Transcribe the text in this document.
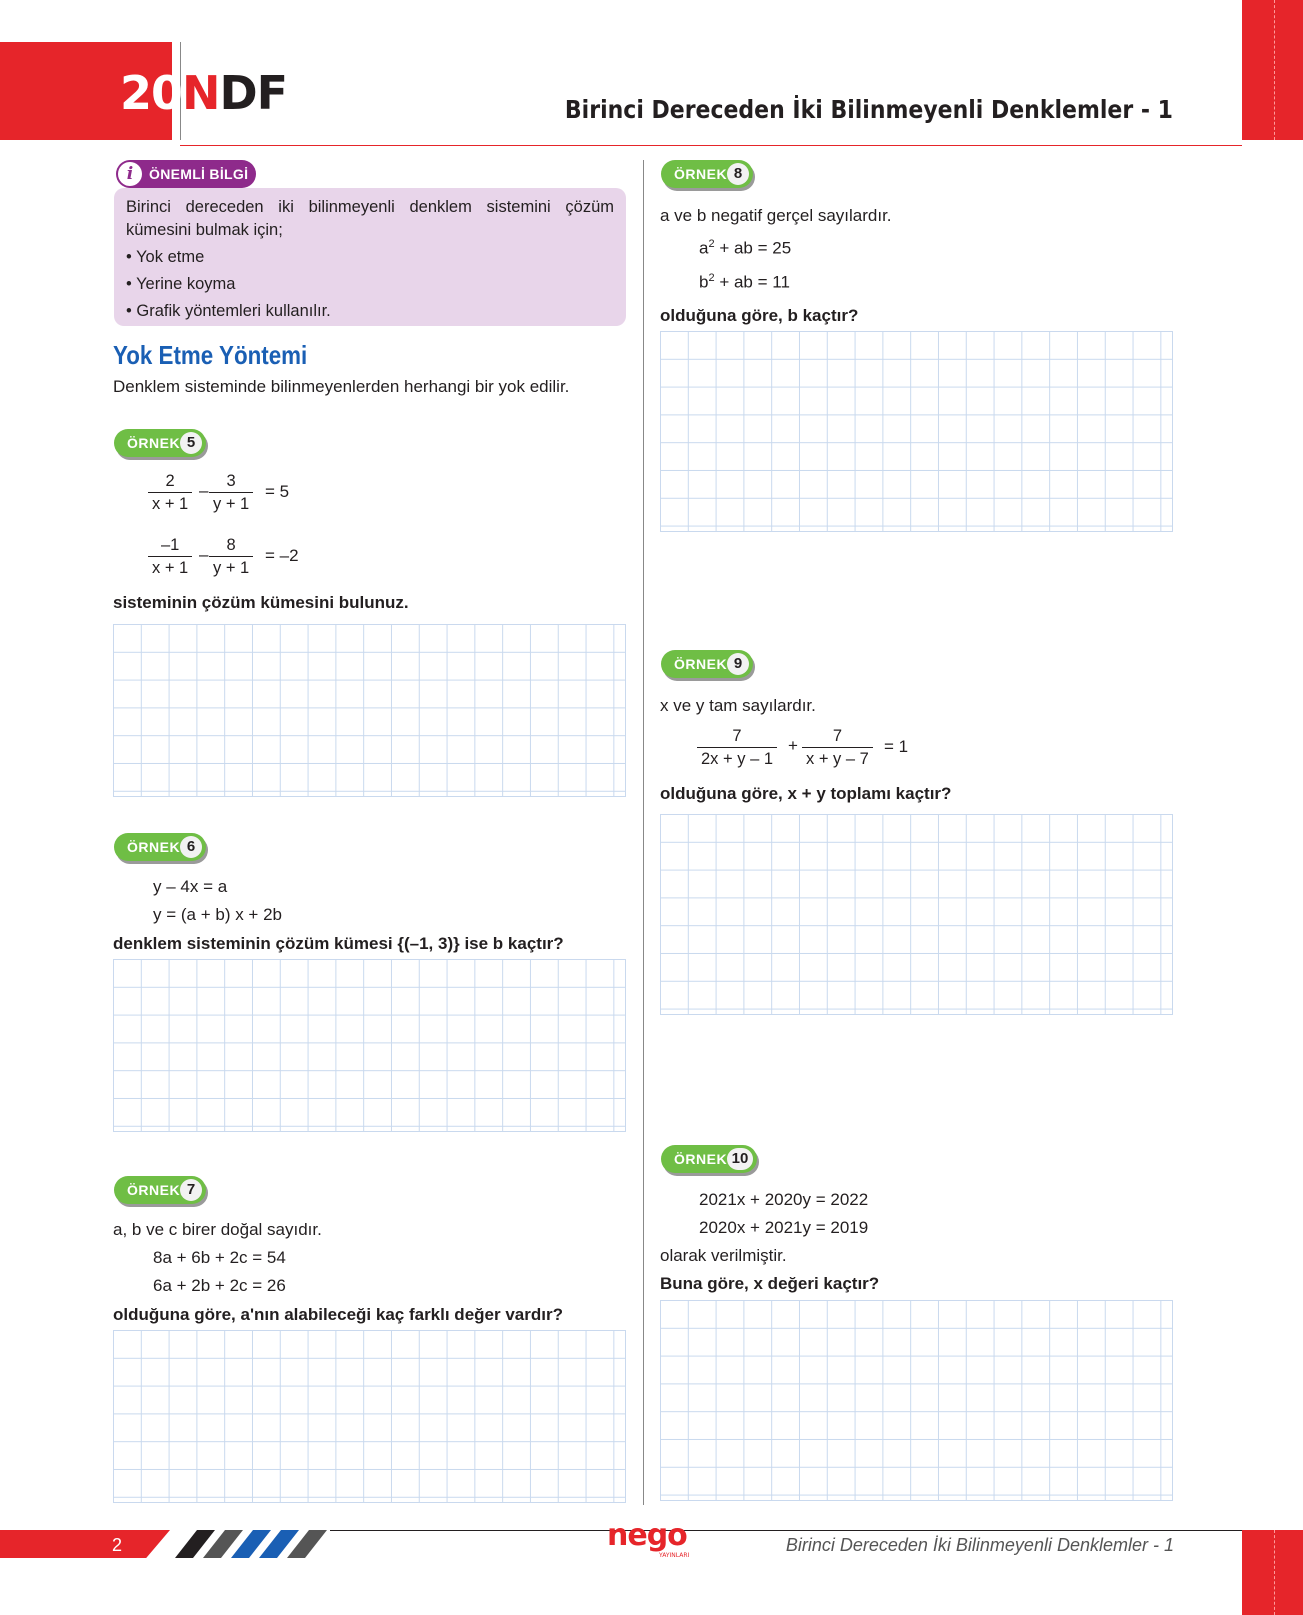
20 NDF	Birinci Dereceden İki Bilinmeyenli Denklemler - 1
i	ÖNEMLİ BİLGİ
Birinci dereceden iki bilinmeyenli denklem sistemini çözüm kümesini bulmak için;
• Yok etme
• Yerine koyma
• Grafik yöntemleri kullanılır.
Yok Etme Yöntemi
Denklem sisteminde bilinmeyenlerden herhangi bir yok edilir.
ÖRNEK 5
$\frac{2}{x + 1} - \frac{3}{y + 1} = 5$
$\frac{-1}{x + 1} - \frac{8}{y + 1} = -2$
sisteminin çözüm kümesini bulunuz.
ÖRNEK 6
y – 4x = a
y = (a + b) x + 2b
denklem sisteminin çözüm kümesi {(–1, 3)} ise b kaçtır?
ÖRNEK 7
a, b ve c birer doğal sayıdır.
8a + 6b + 2c = 54
6a + 2b + 2c = 26
olduğuna göre, a'nın alabileceği kaç farklı değer vardır?
ÖRNEK 8
a ve b negatif gerçel sayılardır.
$a^2$ + ab = 25
$b^2$ + ab = 11
olduğuna göre, b kaçtır?
ÖRNEK 9
x ve y tam sayılardır.
$\frac{7}{2x + y - 1} + \frac{7}{x + y - 7} = 1$
olduğuna göre, x + y toplamı kaçtır?
ÖRNEK 10
2021x + 2020y = 2022
2020x + 2021y = 2019
olarak verilmiştir.
Buna göre, x değeri kaçtır?
2	nego
YAYINLARI
Birinci Dereceden İki Bilinmeyenli Denklemler - 1
